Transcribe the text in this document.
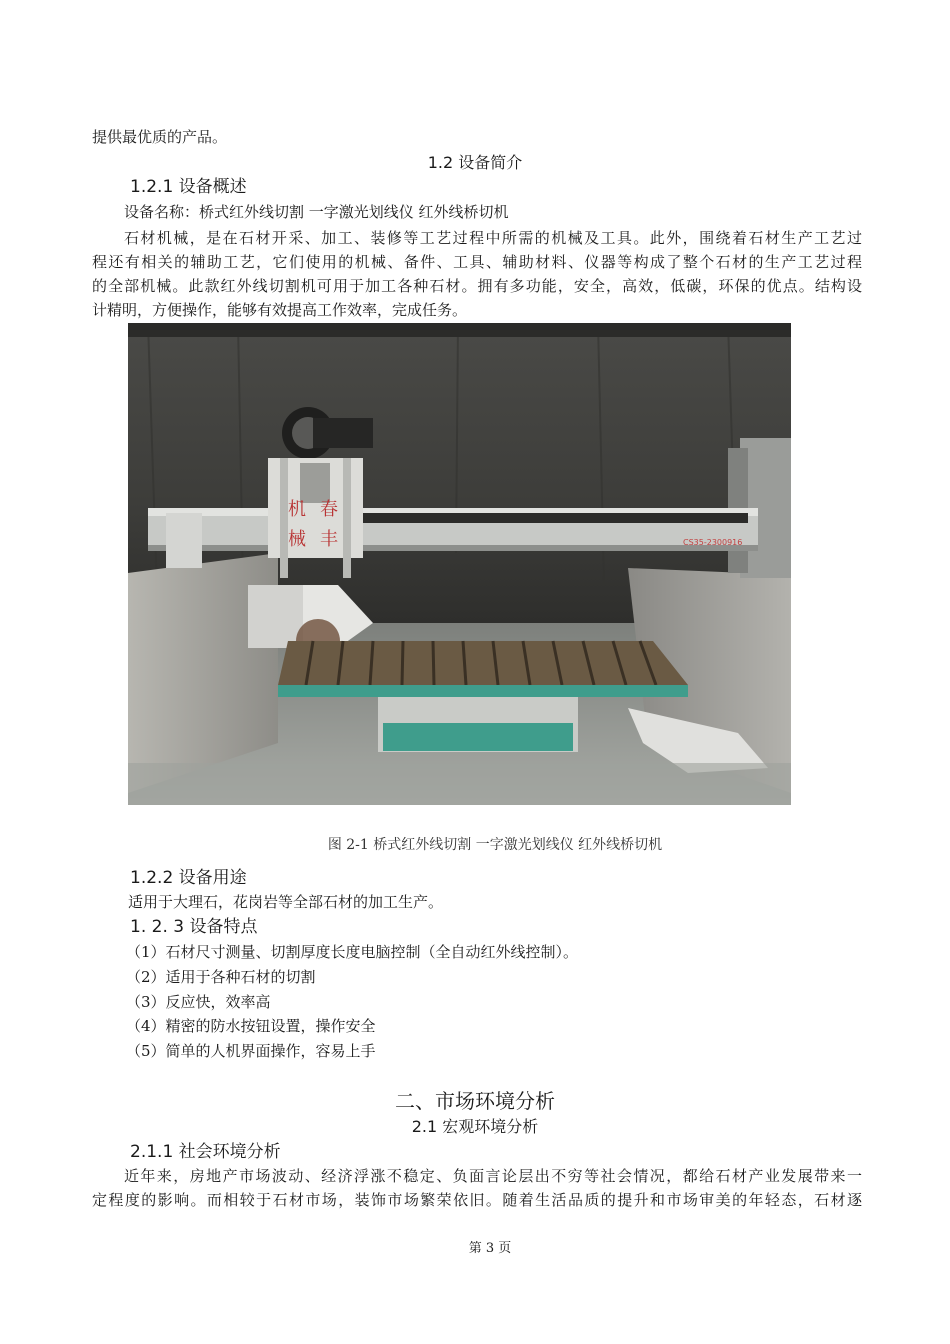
提供最优质的产品。
1.2 设备简介
1.2.1 设备概述
设备名称：桥式红外线切割 一字激光划线仪 红外线桥切机
石材机械，是在石材开采、加工、装修等工艺过程中所需的机械及工具。此外，围绕着石材生产工艺过
程还有相关的辅助工艺，它们使用的机械、备件、工具、辅助材料、仪器等构成了整个石材的生产工艺过程
的全部机械。此款红外线切割机可用于加工各种石材。拥有多功能，安全，高效，低碳，环保的优点。结构设
计精明，方便操作，能够有效提高工作效率，完成任务。
CS35-2300916
机 春
械 丰
图 2-1 桥式红外线切割 一字激光划线仪 红外线桥切机
1.2.2 设备用途
适用于大理石，花岗岩等全部石材的加工生产。
1. 2. 3 设备特点
（1）石材尺寸测量、切割厚度长度电脑控制（全自动红外线控制）。
（2）适用于各种石材的切割
（3）反应快，效率高
（4）精密的防水按钮设置，操作安全
（5）简单的人机界面操作，容易上手
二、市场环境分析
2.1 宏观环境分析
2.1.1 社会环境分析
近年来，房地产市场波动、经济浮涨不稳定、负面言论层出不穷等社会情况，都给石材产业发展带来一
定程度的影响。而相较于石材市场，装饰市场繁荣依旧。随着生活品质的提升和市场审美的年轻态，石材逐
第 3 页
